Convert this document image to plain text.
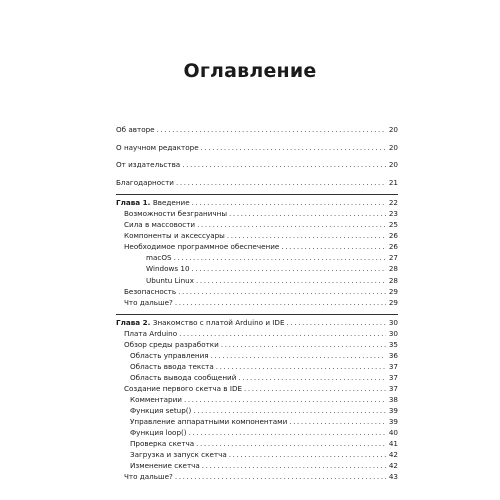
Оглавление
Об авторе .....	20
О научном редакторе .....	20
От издательства .....	20
Благодарности .....	21
Глава 1. Введение .....	22
Возможности безграничны .....	23
Сила в массовости .....	25
Компоненты и аксессуары .....	26
Необходимое программное обеспечение .....	26
macOS .....	27
Windows 10 .....	28
Ubuntu Linux .....	28
Безопасность .....	29
Что дальше? .....	29
Глава 2. Знакомство с платой Arduino и IDE .....	30
Плата Arduino .....	30
Обзор среды разработки .....	35
Область управления .....	36
Область ввода текста .....	37
Область вывода сообщений .....	37
Создание первого скетча в IDE .....	37
Комментарии .....	38
Функция setup() .....	39
Управление аппаратными компонентами .....	39
Функция loop() .....	40
Проверка скетча .....	41
Загрузка и запуск скетча .....	42
Изменение скетча .....	42
Что дальше? .....	43
